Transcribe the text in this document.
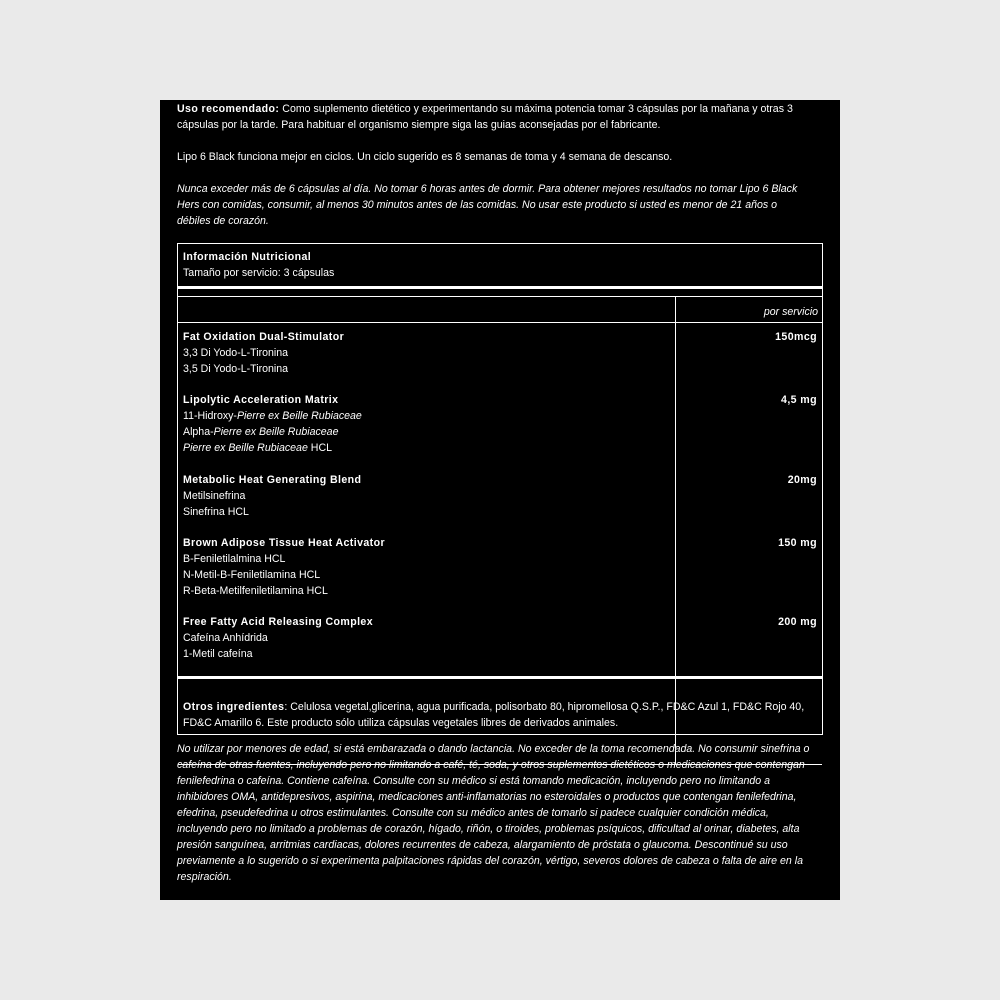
Uso recomendado: Como suplemento dietético y experimentando su máxima potencia tomar 3 cápsulas por la mañana y otras 3 cápsulas por la tarde. Para habituar el organismo siempre siga las guias aconsejadas por el fabricante.

Lipo 6 Black funciona mejor en ciclos. Un ciclo sugerido es 8 semanas de toma y 4 semana de descanso.

Nunca exceder más de 6 cápsulas al día. No tomar 6 horas antes de dormir. Para obtener mejores resultados no tomar Lipo 6 Black Hers con comidas, consumir, al menos 30 minutos antes de las comidas. No usar este producto si usted es menor de 21 años o débiles de corazón.

Información Nutricional
Tamaño por servicio: 3 cápsulas
por servicio
Fat Oxidation Dual-Stimulator
3,3 Di Yodo-L-Tironina
3,5 Di Yodo-L-Tironina
150mcg
Lipolytic Acceleration Matrix
11-Hidroxy-Pierre ex Beille Rubiaceae
Alpha-Pierre ex Beille Rubiaceae
Pierre ex Beille Rubiaceae HCL
4,5 mg
Metabolic Heat Generating Blend
Metilsinefrina
Sinefrina HCL
20mg
Brown Adipose Tissue Heat Activator
B-Feniletilalmina HCL
N-Metil-B-Feniletilamina HCL
R-Beta-Metilfeniletilamina HCL
150 mg
Free Fatty Acid Releasing Complex
Cafeína Anhídrida
1-Metil cafeína
200 mg

Otros ingredientes: Celulosa vegetal,glicerina, agua purificada, polisorbato 80, hipromellosa Q.S.P., FD&C Azul 1, FD&C Rojo 40, FD&C Amarillo 6. Este producto sólo utiliza cápsulas vegetales libres de derivados animales.

No utilizar por menores de edad, si está embarazada o dando lactancia. No exceder de la toma recomendada. No consumir sinefrina o cafeína de otras fuentes, incluyendo pero no limitando a café, té, soda, y otros suplementos dietéticos o medicaciones que contengan fenilefedrina o cafeína. Contiene cafeína. Consulte con su médico si está tomando medicación, incluyendo pero no limitando a inhibidores OMA, antidepresivos, aspirina, medicaciones anti-inflamatorias no esteroidales o productos que contengan fenilefedrina, efedrina, pseudefedrina u otros estimulantes. Consulte con su médico antes de tomarlo si padece cualquier condición médica, incluyendo pero no limitado a problemas de corazón, hígado, riñón, o tiroides, problemas psíquicos, dificultad al orinar, diabetes, alta presión sanguínea, arritmias cardiacas, dolores recurrentes de cabeza, alargamiento de próstata o glaucoma. Descontinué su uso previamente a lo sugerido o si experimenta palpitaciones rápidas del corazón, vértigo, severos dolores de cabeza o falta de aire en la respiración.
